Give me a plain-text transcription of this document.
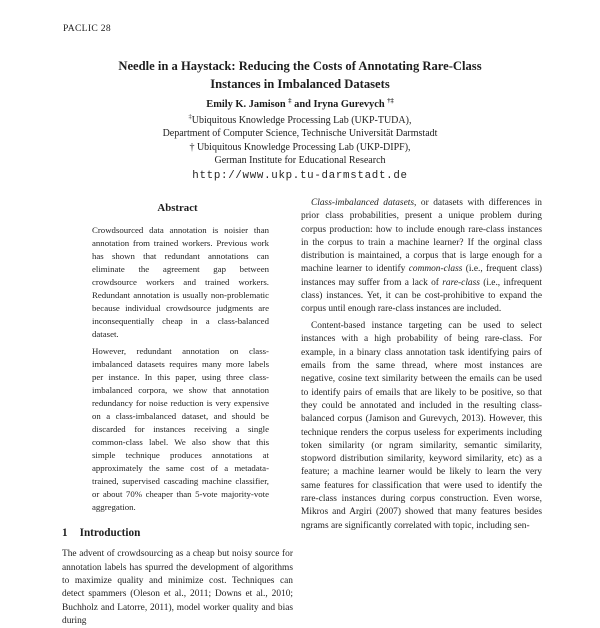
PACLIC 28
Needle in a Haystack: Reducing the Costs of Annotating Rare-Class
Instances in Imbalanced Datasets
Emily K. Jamison ‡ and Iryna Gurevych †‡
‡Ubiquitous Knowledge Processing Lab (UKP-TUDA),
Department of Computer Science, Technische Universität Darmstadt
† Ubiquitous Knowledge Processing Lab (UKP-DIPF),
German Institute for Educational Research
http://www.ukp.tu-darmstadt.de
Abstract

Crowdsourced data annotation is noisier than annotation from trained workers. Previous work has shown that redundant annotations can eliminate the agreement gap between crowdsource workers and trained workers. Redundant annotation is usually non-problematic because individual crowdsource judgments are inconsequentially cheap in a class-balanced dataset.

However, redundant annotation on class-imbalanced datasets requires many more labels per instance. In this paper, using three class-imbalanced corpora, we show that annotation redundancy for noise reduction is very expensive on a class-imbalanced dataset, and should be discarded for instances receiving a single common-class label. We also show that this simple technique produces annotations at approximately the same cost of a metadata-trained, supervised cascading machine classifier, or about 70% cheaper than 5-vote majority-vote aggregation.

1 Introduction

The advent of crowdsourcing as a cheap but noisy source for annotation labels has spurred the development of algorithms to maximize quality and minimize cost. Techniques can detect spammers (Oleson et al., 2011; Downs et al., 2010; Buchholz and Latorre, 2011), model worker quality and bias during

Class-imbalanced datasets, or datasets with differences in prior class probabilities, present a unique problem during corpus production: how to include enough rare-class instances in the corpus to train a machine learner? If the orginal class distribution is maintained, a corpus that is large enough for a machine learner to identify common-class (i.e., frequent class) instances may suffer from a lack of rare-class (i.e., infrequent class) instances. Yet, it can be cost-prohibitive to expand the corpus until enough rare-class instances are included.

Content-based instance targeting can be used to select instances with a high probability of being rare-class. For example, in a binary class annotation task identifying pairs of emails from the same thread, where most instances are negative, cosine text similarity between the emails can be used to identify pairs of emails that are likely to be positive, so that they could be annotated and included in the resulting class-balanced corpus (Jamison and Gurevych, 2013). However, this technique renders the corpus useless for experiments including token similarity (or ngram similarity, semantic similarity, stopword distribution similarity, keyword similarity, etc) as a feature; a machine learner would be likely to learn the very same features for classification that were used to identify the rare-class instances during corpus construction. Even worse, Mikros and Argiri (2007) showed that many features besides ngrams are significantly correlated with topic, including sen-
